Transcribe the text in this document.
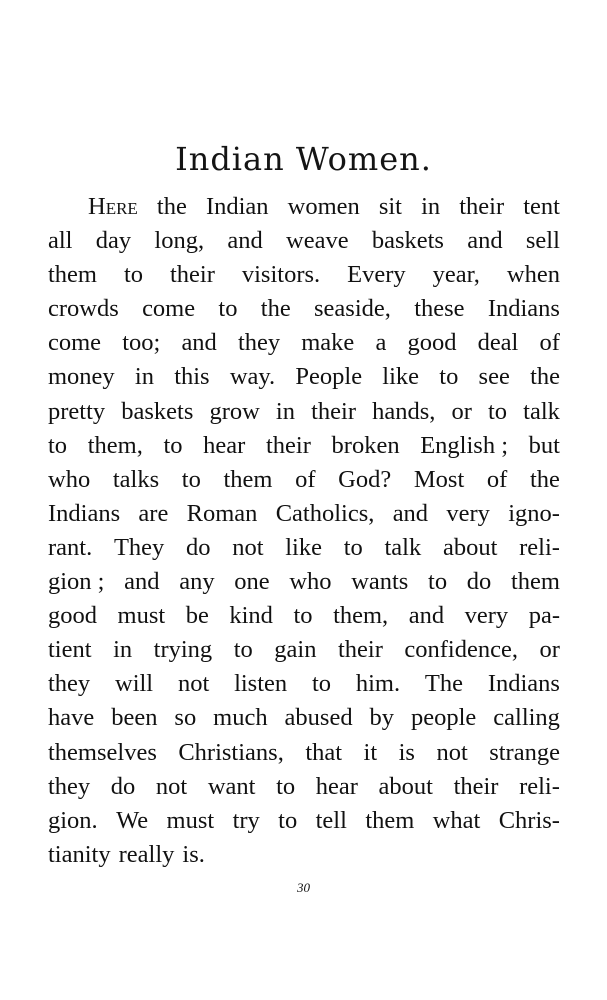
Indian Women.
Here the Indian women sit in their tent
all day long, and weave baskets and sell
them to their visitors. Every year, when
crowds come to the seaside, these Indians
come too; and they make a good deal of
money in this way. People like to see the
pretty baskets grow in their hands, or to talk
to them, to hear their broken English ; but
who talks to them of God? Most of the
Indians are Roman Catholics, and very igno-
rant. They do not like to talk about reli-
gion ; and any one who wants to do them
good must be kind to them, and very pa-
tient in trying to gain their confidence, or
they will not listen to him. The Indians
have been so much abused by people calling
themselves Christians, that it is not strange
they do not want to hear about their reli-
gion. We must try to tell them what Chris-
tianity really is.
30
